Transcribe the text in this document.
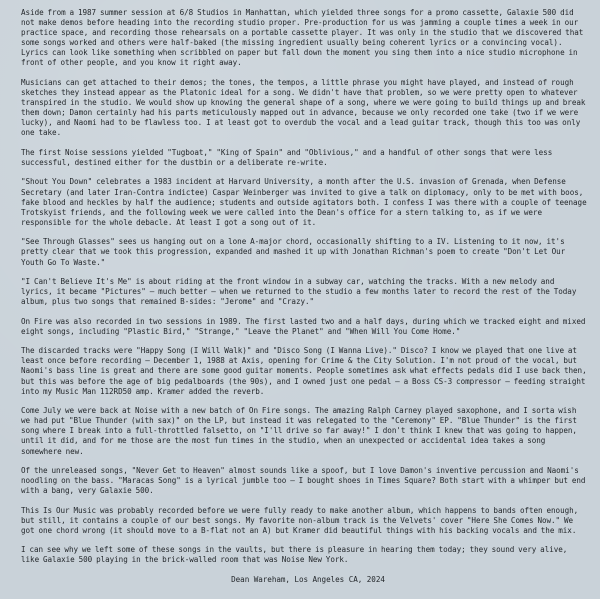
Aside from a 1987 summer session at 6/8 Studios in Manhattan, which yielded three songs for a promo cassette, Galaxie 500 did not make demos before heading into the recording studio proper. Pre-production for us was jamming a couple times a week in our practice space, and recording those rehearsals on a portable cassette player. It was only in the studio that we discovered that some songs worked and others were half-baked (the missing ingredient usually being coherent lyrics or a convincing vocal). Lyrics can look like something when scribbled on paper but fall down the moment you sing them into a nice studio microphone in front of other people, and you know it right away.

Musicians can get attached to their demos; the tones, the tempos, a little phrase you might have played, and instead of rough sketches they instead appear as the Platonic ideal for a song. We didn't have that problem, so we were pretty open to whatever transpired in the studio. We would show up knowing the general shape of a song, where we were going to build things up and break them down; Damon certainly had his parts meticulously mapped out in advance, because we only recorded one take (two if we were lucky), and Naomi had to be flawless too. I at least got to overdub the vocal and a lead guitar track, though this too was only one take.

The first Noise sessions yielded "Tugboat," "King of Spain" and "Oblivious," and a handful of other songs that were less successful, destined either for the dustbin or a deliberate re-write.

"Shout You Down" celebrates a 1983 incident at Harvard University, a month after the U.S. invasion of Grenada, when Defense Secretary (and later Iran-Contra indictee) Caspar Weinberger was invited to give a talk on diplomacy, only to be met with boos, fake blood and heckles by half the audience; students and outside agitators both. I confess I was there with a couple of teenage Trotskyist friends, and the following week we were called into the Dean's office for a stern talking to, as if we were responsible for the whole debacle. At least I got a song out of it.

"See Through Glasses" sees us hanging out on a lone A-major chord, occasionally shifting to a IV. Listening to it now, it's pretty clear that we took this progression, expanded and mashed it up with Jonathan Richman's poem to create "Don't Let Our Youth Go To Waste."

"I Can't Believe It's Me" is about riding at the front window in a subway car, watching the tracks. With a new melody and lyrics, it became "Pictures" — much better — when we returned to the studio a few months later to record the rest of the Today album, plus two songs that remained B-sides: "Jerome" and "Crazy."

On Fire was also recorded in two sessions in 1989. The first lasted two and a half days, during which we tracked eight and mixed eight songs, including "Plastic Bird," "Strange," "Leave the Planet" and "When Will You Come Home."

The discarded tracks were "Happy Song (I Will Walk)" and "Disco Song (I Wanna Live)." Disco? I know we played that one live at least once before recording — December 1, 1988 at Axis, opening for Crime & the City Solution. I'm not proud of the vocal, but Naomi's bass line is great and there are some good guitar moments. People sometimes ask what effects pedals did I use back then, but this was before the age of big pedalboards (the 90s), and I owned just one pedal — a Boss CS-3 compressor — feeding straight into my Music Man 112RD50 amp. Kramer added the reverb.

Come July we were back at Noise with a new batch of On Fire songs. The amazing Ralph Carney played saxophone, and I sorta wish we had put "Blue Thunder (with sax)" on the LP, but instead it was relegated to the "Ceremony" EP. "Blue Thunder" is the first song where I break into a full-throttled falsetto, on "I'll drive so far away!" I don't think I knew that was going to happen, until it did, and for me those are the most fun times in the studio, when an unexpected or accidental idea takes a song somewhere new.

Of the unreleased songs, "Never Get to Heaven" almost sounds like a spoof, but I love Damon's inventive percussion and Naomi's noodling on the bass. "Maracas Song" is a lyrical jumble too — I bought shoes in Times Square? Both start with a whimper but end with a bang, very Galaxie 500.

This Is Our Music was probably recorded before we were fully ready to make another album, which happens to bands often enough, but still, it contains a couple of our best songs. My favorite non-album track is the Velvets' cover "Here She Comes Now." We got one chord wrong (it should move to a B-flat not an A) but Kramer did beautiful things with his backing vocals and the mix.

I can see why we left some of these songs in the vaults, but there is pleasure in hearing them today; they sound very alive, like Galaxie 500 playing in the brick-walled room that was Noise New York.

Dean Wareham, Los Angeles CA, 2024
